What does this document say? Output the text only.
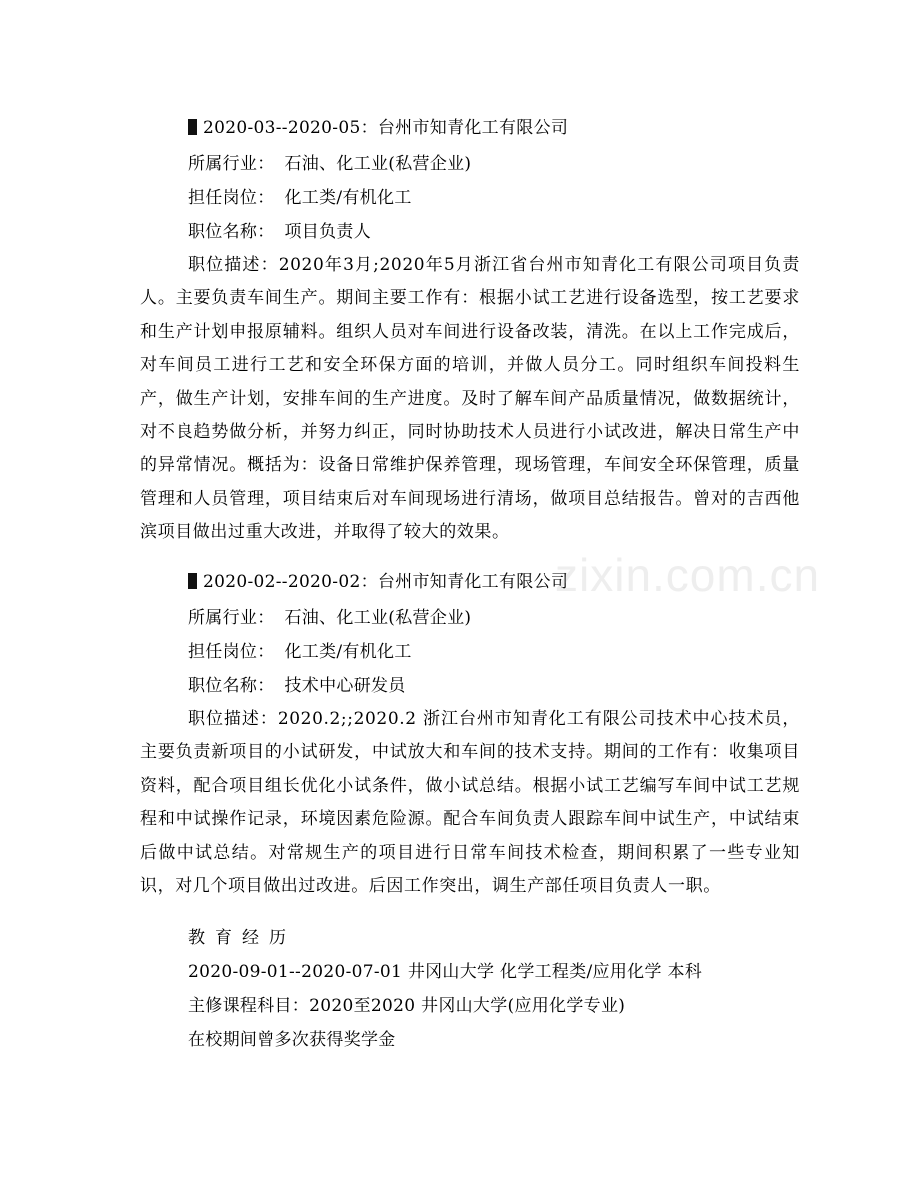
2020-03--2020-05：台州市知青化工有限公司
所属行业： 石油、化工业(私营企业)
担任岗位： 化工类/有机化工
职位名称： 项目负责人
职位描述：2020年3月;2020年5月浙江省台州市知青化工有限公司项目负责人。主要负责车间生产。期间主要工作有：根据小试工艺进行设备选型，按工艺要求和生产计划申报原辅料。组织人员对车间进行设备改装，清洗。在以上工作完成后，对车间员工进行工艺和安全环保方面的培训，并做人员分工。同时组织车间投料生产，做生产计划，安排车间的生产进度。及时了解车间产品质量情况，做数据统计，对不良趋势做分析，并努力纠正，同时协助技术人员进行小试改进，解决日常生产中的异常情况。概括为：设备日常维护保养管理，现场管理，车间安全环保管理，质量管理和人员管理，项目结束后对车间现场进行清场，做项目总结报告。曾对的吉西他滨项目做出过重大改进，并取得了较大的效果。
2020-02--2020-02：台州市知青化工有限公司
所属行业： 石油、化工业(私营企业)
担任岗位： 化工类/有机化工
职位名称： 技术中心研发员
职位描述：2020.2;;2020.2 浙江台州市知青化工有限公司技术中心技术员，主要负责新项目的小试研发，中试放大和车间的技术支持。期间的工作有：收集项目资料，配合项目组长优化小试条件，做小试总结。根据小试工艺编写车间中试工艺规程和中试操作记录，环境因素危险源。配合车间负责人跟踪车间中试生产，中试结束后做中试总结。对常规生产的项目进行日常车间技术检查，期间积累了一些专业知识，对几个项目做出过改进。后因工作突出，调生产部任项目负责人一职。
教育经历
2020-09-01--2020-07-01 井冈山大学 化学工程类/应用化学 本科
主修课程科目：2020至2020 井冈山大学(应用化学专业)
在校期间曾多次获得奖学金
zixin.com.cn
